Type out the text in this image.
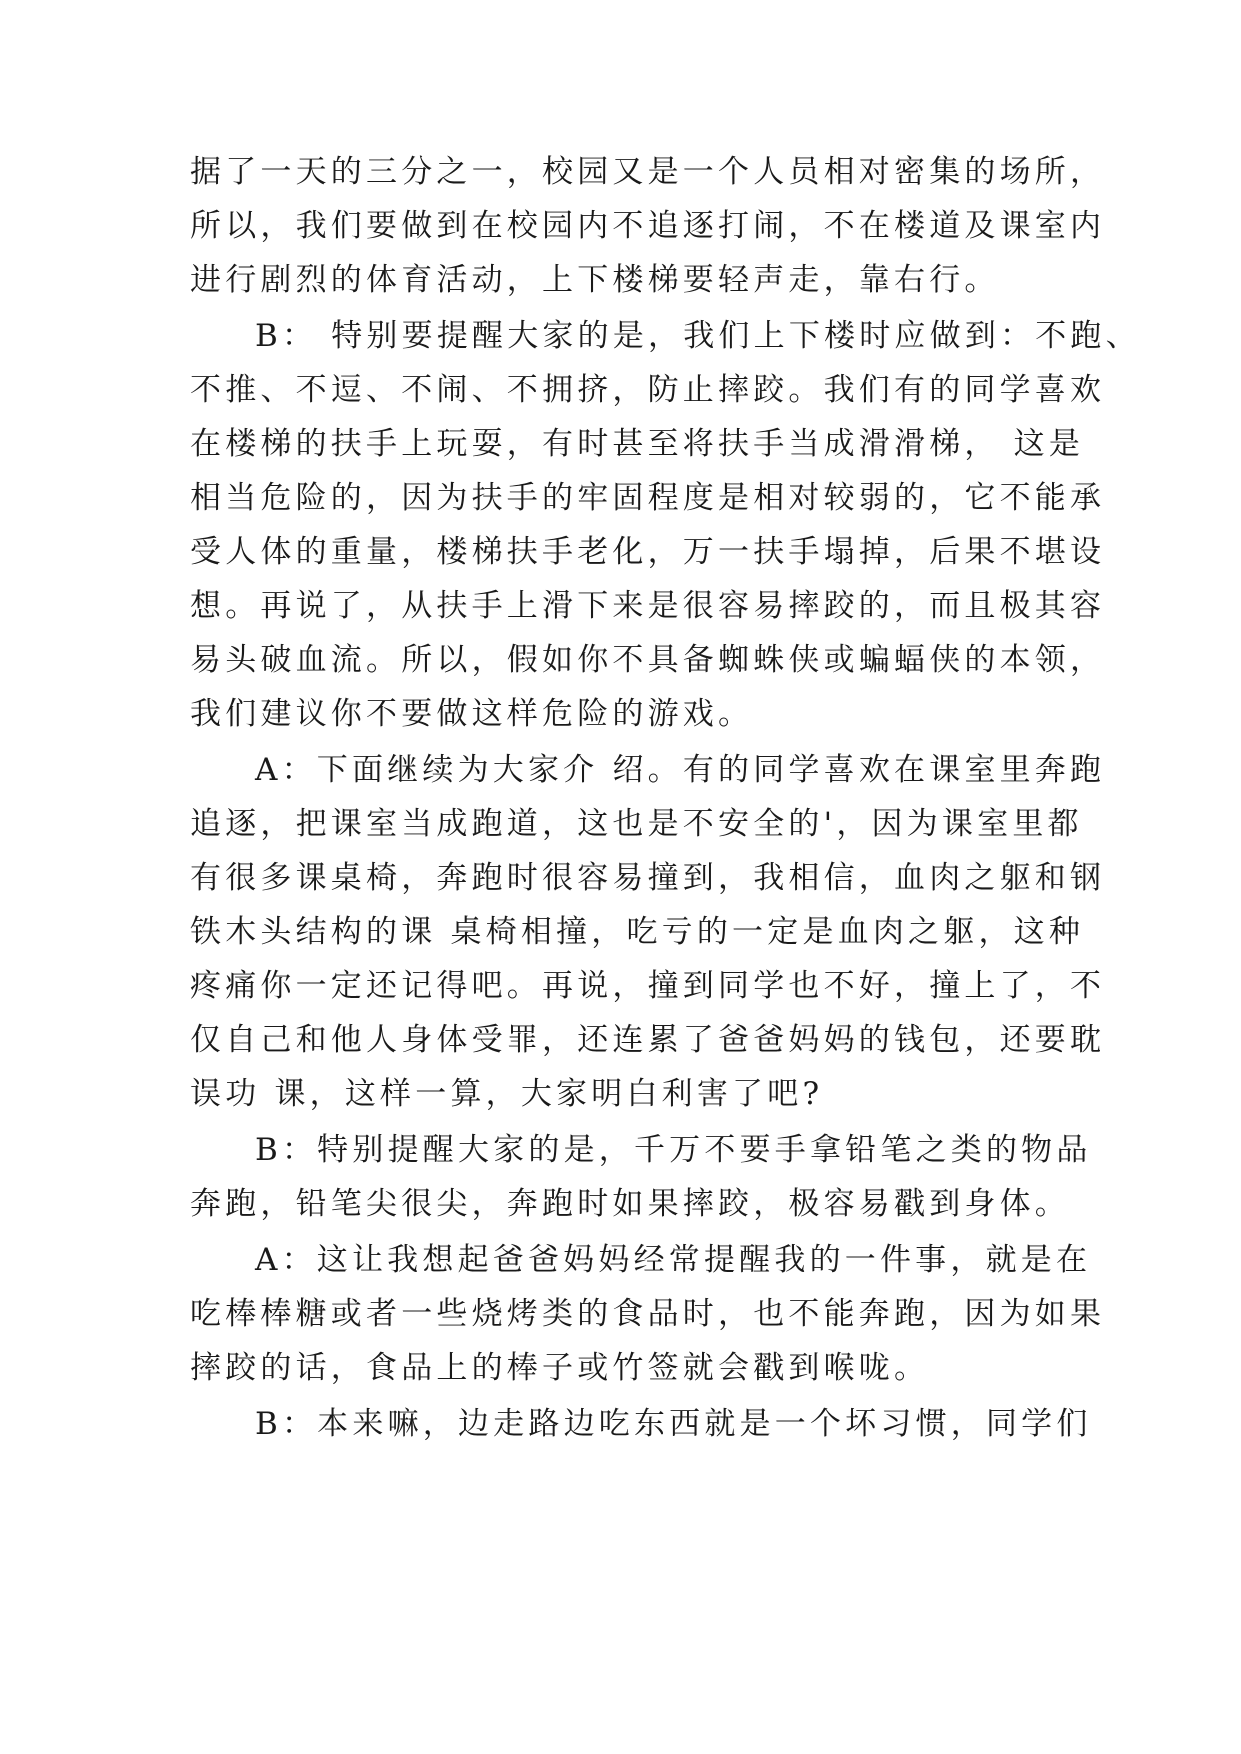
据了一天的三分之一，校园又是一个人员相对密集的场所，
所以，我们要做到在校园内不追逐打闹，不在楼道及课室内
进行剧烈的体育活动，上下楼梯要轻声走，靠右行。
B： 特别要提醒大家的是，我们上下楼时应做到：不跑、
不推、不逗、不闹、不拥挤，防止摔跤。我们有的同学喜欢
在楼梯的扶手上玩耍，有时甚至将扶手当成滑滑梯， 这是
相当危险的，因为扶手的牢固程度是相对较弱的，它不能承
受人体的重量，楼梯扶手老化，万一扶手塌掉，后果不堪设
想。再说了，从扶手上滑下来是很容易摔跤的，而且极其容
易头破血流。所以，假如你不具备蜘蛛侠或蝙蝠侠的本领，
我们建议你不要做这样危险的游戏。
A：下面继续为大家介 绍。有的同学喜欢在课室里奔跑
追逐，把课室当成跑道，这也是不安全的'，因为课室里都
有很多课桌椅，奔跑时很容易撞到，我相信，血肉之躯和钢
铁木头结构的课 桌椅相撞，吃亏的一定是血肉之躯，这种
疼痛你一定还记得吧。再说，撞到同学也不好，撞上了，不
仅自己和他人身体受罪，还连累了爸爸妈妈的钱包，还要耽
误功 课，这样一算，大家明白利害了吧?
B：特别提醒大家的是，千万不要手拿铅笔之类的物品
奔跑，铅笔尖很尖，奔跑时如果摔跤，极容易戳到身体。
A：这让我想起爸爸妈妈经常提醒我的一件事，就是在
吃棒棒糖或者一些烧烤类的食品时，也不能奔跑，因为如果
摔跤的话，食品上的棒子或竹签就会戳到喉咙。
B：本来嘛，边走路边吃东西就是一个坏习惯，同学们
